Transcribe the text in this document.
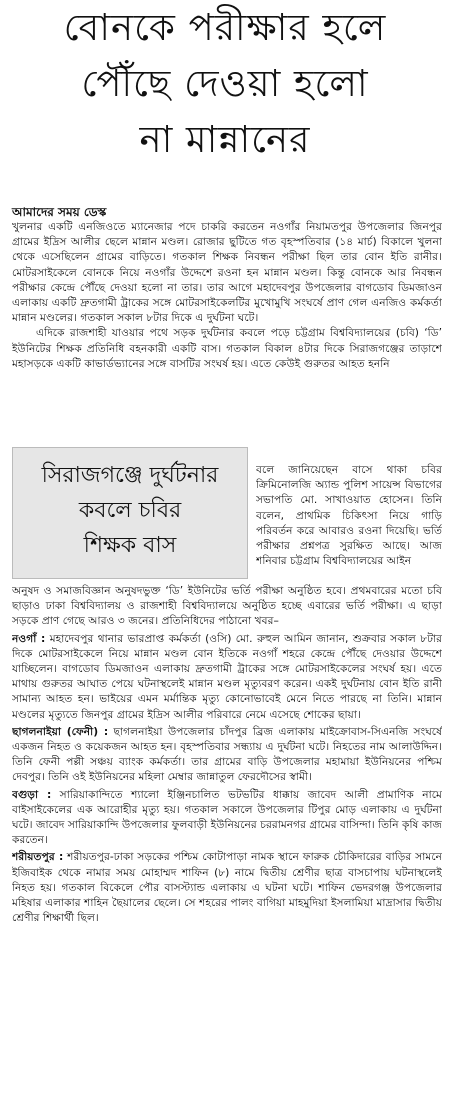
বোনকে পরীক্ষার হলে
পৌঁছে দেওয়া হলো
না মান্নানের
আমাদের সময় ডেস্ক

খুলনার একটি এনজিওতে ম্যানেজার পদে চাকরি করতেন নওগাঁর নিয়ামতপুর উপজেলার জিনপুর গ্রামের ইদ্রিস আলীর ছেলে মান্নান মণ্ডল। রোজার ছুটিতে গত বৃহস্পতিবার (১৪ মার্চ) বিকালে খুলনা থেকে এসেছিলেন গ্রামের বাড়িতে। গতকাল শিক্ষক নিবন্ধন পরীক্ষা ছিল তার বোন ইতি রানীর। মোটরসাইকেলে বোনকে নিয়ে নওগাঁর উদ্দেশে রওনা হন মান্নান মণ্ডল। কিন্তু বোনকে আর নিবন্ধন পরীক্ষার কেন্দ্রে পৌঁছে দেওয়া হলো না তার। তার আগে মহাদেবপুর উপজেলার বাগডোব ডিমজাওন এলাকায় একটি দ্রুতগামী ট্রাকের সঙ্গে মোটরসাইকেলটির মুখোমুখি সংঘর্ষে প্রাণ গেল এনজিও কর্মকর্তা মান্নান মণ্ডলের। গতকাল সকাল ৮টার দিকে এ দুর্ঘটনা ঘটে।

এদিকে রাজশাহী যাওয়ার পথে সড়ক দুর্ঘটনার কবলে পড়ে চট্টগ্রাম বিশ্ববিদ্যালয়ের (চবি) ‘ডি’ ইউনিটের শিক্ষক প্রতিনিধি বহনকারী একটি বাস। গতকাল বিকাল ৪টার দিকে সিরাজগঞ্জের তাড়াশে মহাসড়কে একটি কাভার্ডভ্যানের সঙ্গে বাসটির সংঘর্ষ হয়। এতে কেউই গুরুতর আহত হননি

সিরাজগঞ্জে দুর্ঘটনার
কবলে চবির
শিক্ষক বাস
বলে জানিয়েছেন বাসে থাকা চবির ক্রিমিনোলজি অ্যান্ড পুলিশ সায়েন্স বিভাগের সভাপতি মো. সাখাওয়াত হোসেন। তিনি বলেন, প্রাথমিক চিকিৎসা নিয়ে গাড়ি পরিবর্তন করে আবারও রওনা দিয়েছি। ভর্তি পরীক্ষার প্রশ্নপত্র সুরক্ষিত আছে। আজ শনিবার চট্টগ্রাম বিশ্ববিদ্যালয়ের আইন

অনুষদ ও সমাজবিজ্ঞান অনুষদভুক্ত ‘ডি’ ইউনিটের ভর্তি পরীক্ষা অনুষ্ঠিত হবে। প্রথমবারের মতো চবি ছাড়াও ঢাকা বিশ্ববিদ্যালয় ও রাজশাহী বিশ্ববিদ্যালয়ে অনুষ্ঠিত হচ্ছে এবারের ভর্তি পরীক্ষা। এ ছাড়া সড়কে প্রাণ গেছে আরও ৩ জনের। প্রতিনিধিদের পাঠানো খবর–

নওগাঁ : মহাদেবপুর থানার ভারপ্রাপ্ত কর্মকর্তা (ওসি) মো. রুহুল আমিন জানান, শুক্রবার সকাল ৮টার দিকে মোটরসাইকেলে নিয়ে মান্নান মণ্ডল বোন ইতিকে নওগাঁ শহরে কেন্দ্রে পৌঁছে দেওয়ার উদ্দেশে যাচ্ছিলেন। বাগডোব ডিমজাওন এলাকায় দ্রুতগামী ট্রাকের সঙ্গে মোটরসাইকেলের সংঘর্ষ হয়। এতে মাথায় গুরুতর আঘাত পেয়ে ঘটনাস্থলেই মান্নান মণ্ডল মৃত্যুবরণ করেন। একই দুর্ঘটনায় বোন ইতি রানী সামান্য আহত হন। ভাইয়ের এমন মর্মান্তিক মৃত্যু কোনোভাবেই মেনে নিতে পারছে না তিনি। মান্নান মণ্ডলের মৃত্যুতে জিনপুর গ্রামের ইদ্রিস আলীর পরিবারে নেমে এসেছে শোকের ছায়া।

ছাগলনাইয়া (ফেনী) : ছাগলনাইয়া উপজেলার চাঁদপুর ব্রিজ এলাকায় মাইক্রোবাস-সিএনজি সংঘর্ষে একজন নিহত ও কয়েকজন আহত হন। বৃহস্পতিবার সন্ধ্যায় এ দুর্ঘটনা ঘটে। নিহতের নাম আলাউদ্দিন। তিনি ফেনী পল্লী সঞ্চয় ব্যাংক কর্মকর্তা। তার গ্রামের বাড়ি উপজেলার মহামায়া ইউনিয়নের পশ্চিম দেবপুর। তিনি ওই ইউনিয়নের মহিলা মেম্বার জান্নাতুল ফেরদৌসের স্বামী।

বগুড়া : সারিয়াকান্দিতে শ্যালো ইঞ্জিনচালিত ভটভটির ধাক্কায় জাবেদ আলী প্রামাণিক নামে বাইসাইকেলের এক আরোহীর মৃত্যু হয়। গতকাল সকালে উপজেলার টিপুর মোড় এলাকায় এ দুর্ঘটনা ঘটে। জাবেদ সারিয়াকান্দি উপজেলার ফুলবাড়ী ইউনিয়নের চররামনগর গ্রামের বাসিন্দা। তিনি কৃষি কাজ করতেন।

শরীয়তপুর : শরীয়তপুর-ঢাকা সড়কের পশ্চিম কোটাপাড়া নামক স্থানে ফারুক চৌকিদারের বাড়ির সামনে ইজিবাইক থেকে নামার সময় মোহাম্মদ শাফিন (৮) নামে দ্বিতীয় শ্রেণীর ছাত্র বাসচাপায় ঘটনাস্থলেই নিহত হয়। গতকাল বিকেলে পৌর বাসস্ট্যান্ড এলাকায় এ ঘটনা ঘটে। শাফিন ভেদরগঞ্জ উপজেলার মহিষার এলাকার শাহিন ছৈয়ালের ছেলে। সে শহরের পালং বাগিয়া মাহমুদিয়া ইসলামিয়া মাদ্রাসার দ্বিতীয় শ্রেণীর শিক্ষার্থী ছিল।
